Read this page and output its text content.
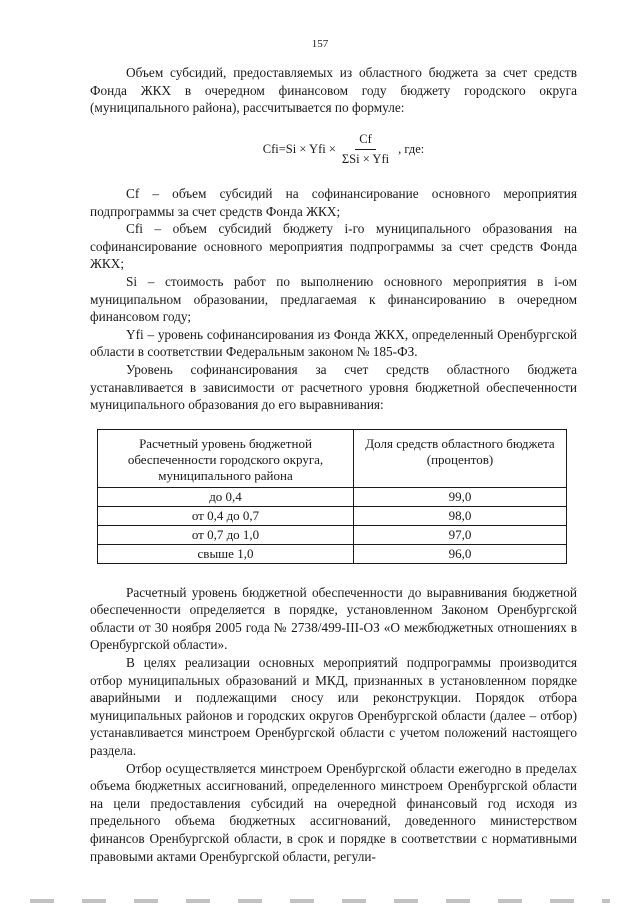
157

Объем субсидий, предоставляемых из областного бюджета за счет средств Фонда ЖКХ в очередном финансовом году бюджету городского округа (муниципального района), рассчитывается по формуле:

Cfi=Si × Yfi × $\frac{Cf}{\text{ΣSi × Yfi}}$ , где:

Cf – объем субсидий на софинансирование основного мероприятия подпрограммы за счет средств Фонда ЖКХ;

Cfi – объем субсидий бюджету i-го муниципального образования на софинансирование основного мероприятия подпрограммы за счет средств Фонда ЖКХ;

Si – стоимость работ по выполнению основного мероприятия в i-ом муниципальном образовании, предлагаемая к финансированию в очередном финансовом году;

Yfi – уровень софинансирования из Фонда ЖКХ, определенный Оренбургской области в соответствии Федеральным законом № 185-ФЗ.

Уровень софинансирования за счет средств областного бюджета устанавливается в зависимости от расчетного уровня бюджетной обеспеченности муниципального образования до его выравнивания:

Расчетный уровень бюджетной обеспеченности городского округа, муниципального района	Доля средств областного бюджета (процентов)
до 0,4	99,0
от 0,4 до 0,7	98,0
от 0,7 до 1,0	97,0
свыше 1,0	96,0

Расчетный уровень бюджетной обеспеченности до выравнивания бюджетной обеспеченности определяется в порядке, установленном Законом Оренбургской области от 30 ноября 2005 года № 2738/499-III-ОЗ «О межбюджетных отношениях в Оренбургской области».

В целях реализации основных мероприятий подпрограммы производится отбор муниципальных образований и МКД, признанных в установленном порядке аварийными и подлежащими сносу или реконструкции. Порядок отбора муниципальных районов и городских округов Оренбургской области (далее – отбор) устанавливается минстроем Оренбургской области с учетом положений настоящего раздела.

Отбор осуществляется минстроем Оренбургской области ежегодно в пределах объема бюджетных ассигнований, определенного минстроем Оренбургской области на цели предоставления субсидий на очередной финансовый год исходя из предельного объема бюджетных ассигнований, доведенного министерством финансов Оренбургской области, в срок и порядке в соответствии с нормативными правовыми актами Оренбургской области, регули-
